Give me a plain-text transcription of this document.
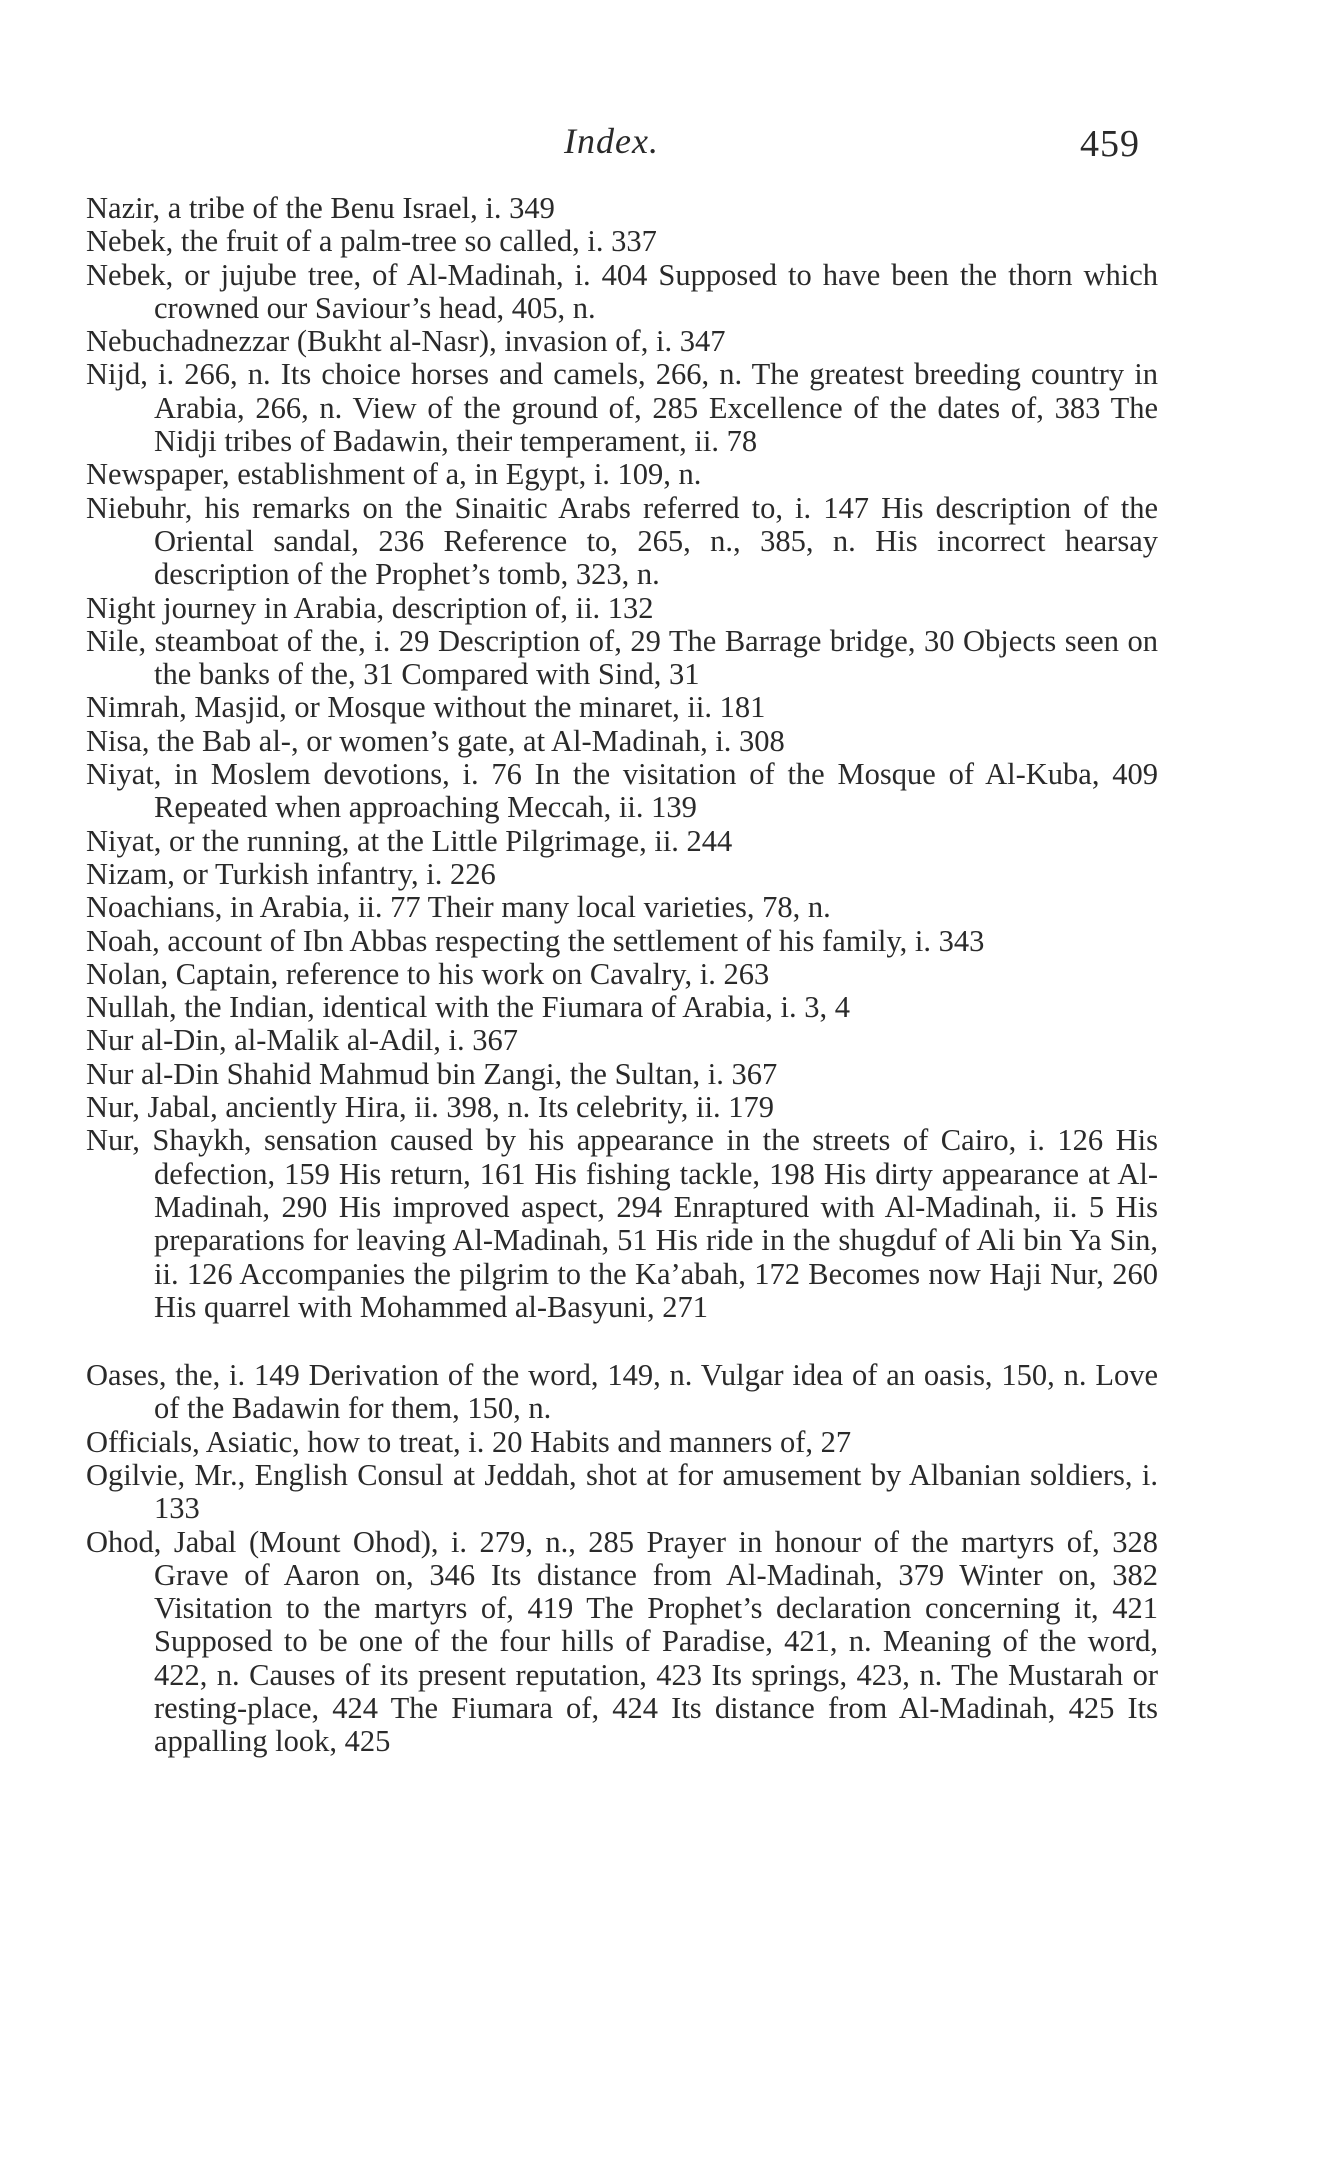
Index.	459

Nazir, a tribe of the Benu Israel, i. 349

Nebek, the fruit of a palm-tree so called, i. 337

Nebek, or jujube tree, of Al-Madinah, i. 404 Supposed to have been the thorn which crowned our Saviour’s head, 405, n.

Nebuchadnezzar (Bukht al-Nasr), invasion of, i. 347

Nijd, i. 266, n. Its choice horses and camels, 266, n. The greatest breeding country in Arabia, 266, n. View of the ground of, 285 Excellence of the dates of, 383 The Nidji tribes of Badawin, their temperament, ii. 78

Newspaper, establishment of a, in Egypt, i. 109, n.

Niebuhr, his remarks on the Sinaitic Arabs referred to, i. 147 His description of the Oriental sandal, 236 Reference to, 265, n., 385, n. His incorrect hearsay description of the Prophet’s tomb, 323, n.

Night journey in Arabia, description of, ii. 132

Nile, steamboat of the, i. 29 Description of, 29 The Barrage bridge, 30 Objects seen on the banks of the, 31 Compared with Sind, 31

Nimrah, Masjid, or Mosque without the minaret, ii. 181

Nisa, the Bab al-, or women’s gate, at Al-Madinah, i. 308

Niyat, in Moslem devotions, i. 76 In the visitation of the Mosque of Al-Kuba, 409 Repeated when approaching Meccah, ii. 139

Niyat, or the running, at the Little Pilgrimage, ii. 244

Nizam, or Turkish infantry, i. 226

Noachians, in Arabia, ii. 77 Their many local varieties, 78, n.

Noah, account of Ibn Abbas respecting the settlement of his family, i. 343

Nolan, Captain, reference to his work on Cavalry, i. 263

Nullah, the Indian, identical with the Fiumara of Arabia, i. 3, 4

Nur al-Din, al-Malik al-Adil, i. 367

Nur al-Din Shahid Mahmud bin Zangi, the Sultan, i. 367

Nur, Jabal, anciently Hira, ii. 398, n. Its celebrity, ii. 179

Nur, Shaykh, sensation caused by his appearance in the streets of Cairo, i. 126 His defection, 159 His return, 161 His fishing tackle, 198 His dirty appearance at Al-Madinah, 290 His improved aspect, 294 Enraptured with Al-Madinah, ii. 5 His preparations for leaving Al-Madinah, 51 His ride in the shugduf of Ali bin Ya Sin, ii. 126 Accompanies the pilgrim to the Ka’abah, 172 Becomes now Haji Nur, 260 His quarrel with Mohammed al-Basyuni, 271

Oases, the, i. 149 Derivation of the word, 149, n. Vulgar idea of an oasis, 150, n. Love of the Badawin for them, 150, n.

Officials, Asiatic, how to treat, i. 20 Habits and manners of, 27

Ogilvie, Mr., English Consul at Jeddah, shot at for amusement by Albanian soldiers, i. 133

Ohod, Jabal (Mount Ohod), i. 279, n., 285 Prayer in honour of the martyrs of, 328 Grave of Aaron on, 346 Its distance from Al-Madinah, 379 Winter on, 382 Visitation to the martyrs of, 419 The Prophet’s declaration concerning it, 421 Supposed to be one of the four hills of Paradise, 421, n. Meaning of the word, 422, n. Causes of its present reputation, 423 Its springs, 423, n. The Mustarah or resting-place, 424 The Fiumara of, 424 Its distance from Al-Madinah, 425 Its appalling look, 425
